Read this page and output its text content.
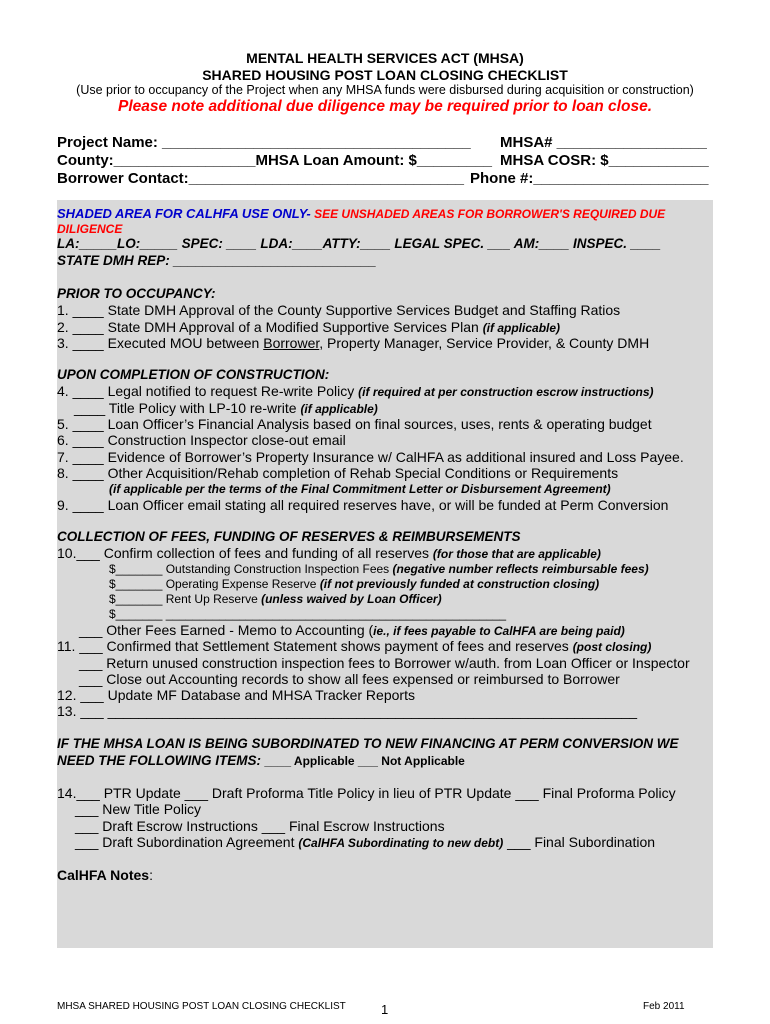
MENTAL HEALTH SERVICES ACT (MHSA)
SHARED HOUSING POST LOAN CLOSING CHECKLIST
(Use prior to occupancy of the Project when any MHSA funds were disbursed during acquisition or construction)
Please note additional due diligence may be required prior to loan close.
Project Name: _____________________________________ MHSA# __________________
County:_________________MHSA Loan Amount: $_________ MHSA COSR: $____________
Borrower Contact:_________________________________ Phone #:_____________________
SHADED AREA FOR CALHFA USE ONLY- SEE UNSHADED AREAS FOR BORROWER'S REQUIRED DUE
DILIGENCE
LA:_____LO:_____ SPEC: ____ LDA:____ATTY:____ LEGAL SPEC. ___ AM:____ INSPEC. ____
STATE DMH REP: ___________________________
PRIOR TO OCCUPANCY:
1. ____ State DMH Approval of the County Supportive Services Budget and Staffing Ratios
2. ____ State DMH Approval of a Modified Supportive Services Plan (if applicable)
3. ____ Executed MOU between Borrower, Property Manager, Service Provider, & County DMH
UPON COMPLETION OF CONSTRUCTION:
4. ____ Legal notified to request Re-write Policy (if required at per construction escrow instructions)
____ Title Policy with LP-10 re-write (if applicable)
5. ____ Loan Officer’s Financial Analysis based on final sources, uses, rents & operating budget
6. ____ Construction Inspector close-out email
7. ____ Evidence of Borrower’s Property Insurance w/ CalHFA as additional insured and Loss Payee.
8. ____ Other Acquisition/Rehab completion of Rehab Special Conditions or Requirements
(if applicable per the terms of the Final Commitment Letter or Disbursement Agreement)
9. ____ Loan Officer email stating all required reserves have, or will be funded at Perm Conversion
COLLECTION OF FEES, FUNDING OF RESERVES & REIMBURSEMENTS
10.___ Confirm collection of fees and funding of all reserves (for those that are applicable)
$_______ Outstanding Construction Inspection Fees (negative number reflects reimbursable fees)
$_______ Operating Expense Reserve (if not previously funded at construction closing)
$_______ Rent Up Reserve (unless waived by Loan Officer)
$_______ ___________________________________________________
___ Other Fees Earned - Memo to Accounting (ie., if fees payable to CalHFA are being paid)
11. ___ Confirmed that Settlement Statement shows payment of fees and reserves (post closing)
___ Return unused construction inspection fees to Borrower w/auth. from Loan Officer or Inspector
___ Close out Accounting records to show all fees expensed or reimbursed to Borrower
12. ___ Update MF Database and MHSA Tracker Reports
13. ___ ____________________________________________________________________
IF THE MHSA LOAN IS BEING SUBORDINATED TO NEW FINANCING AT PERM CONVERSION WE
NEED THE FOLLOWING ITEMS: ____ Applicable ___ Not Applicable
14.___ PTR Update ___ Draft Proforma Title Policy in lieu of PTR Update ___ Final Proforma Policy
___ New Title Policy
___ Draft Escrow Instructions ___ Final Escrow Instructions
___ Draft Subordination Agreement (CalHFA Subordinating to new debt) ___ Final Subordination
CalHFA Notes:
MHSA SHARED HOUSING POST LOAN CLOSING CHECKLIST	1	Feb 2011
